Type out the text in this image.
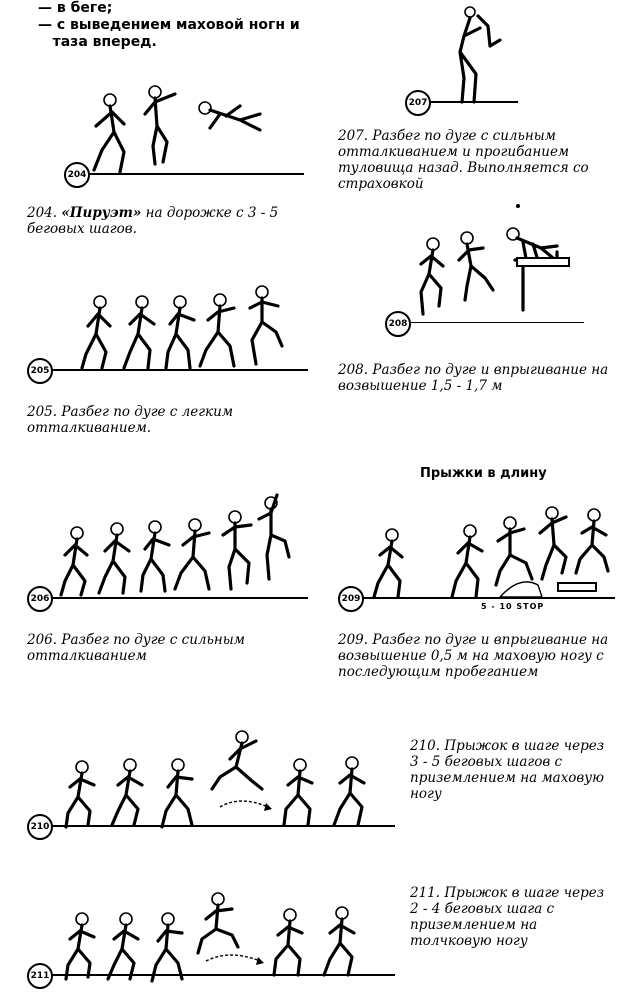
— в беге;
— с выведением маховой ногн и
таза вперед.
204
204. «Пируэт» на дорожке с 3 - 5 беговых шагов.
205
205. Разбег по дуге с легким отталкиванием.
206
206. Разбег по дуге с сильным отталкиванием
207
207. Разбег по дуге с сильным отталкиванием и прогибанием туловища назад. Выполняется со страховкой
208
208. Разбег по дуге и впрыгивание на возвышение 1,5 - 1,7 м
Прыжки в длину
209
5 - 10 STOP
209. Разбег по дуге и впрыгивание на возвышение 0,5 м на маховую ногу с последующим пробеганием
210
210. Прыжок в шаге через 3 - 5 беговых шагов с приземлением на маховую ногу
211
211. Прыжок в шаге через 2 - 4 беговых шага с приземлением на толчковую ногу
